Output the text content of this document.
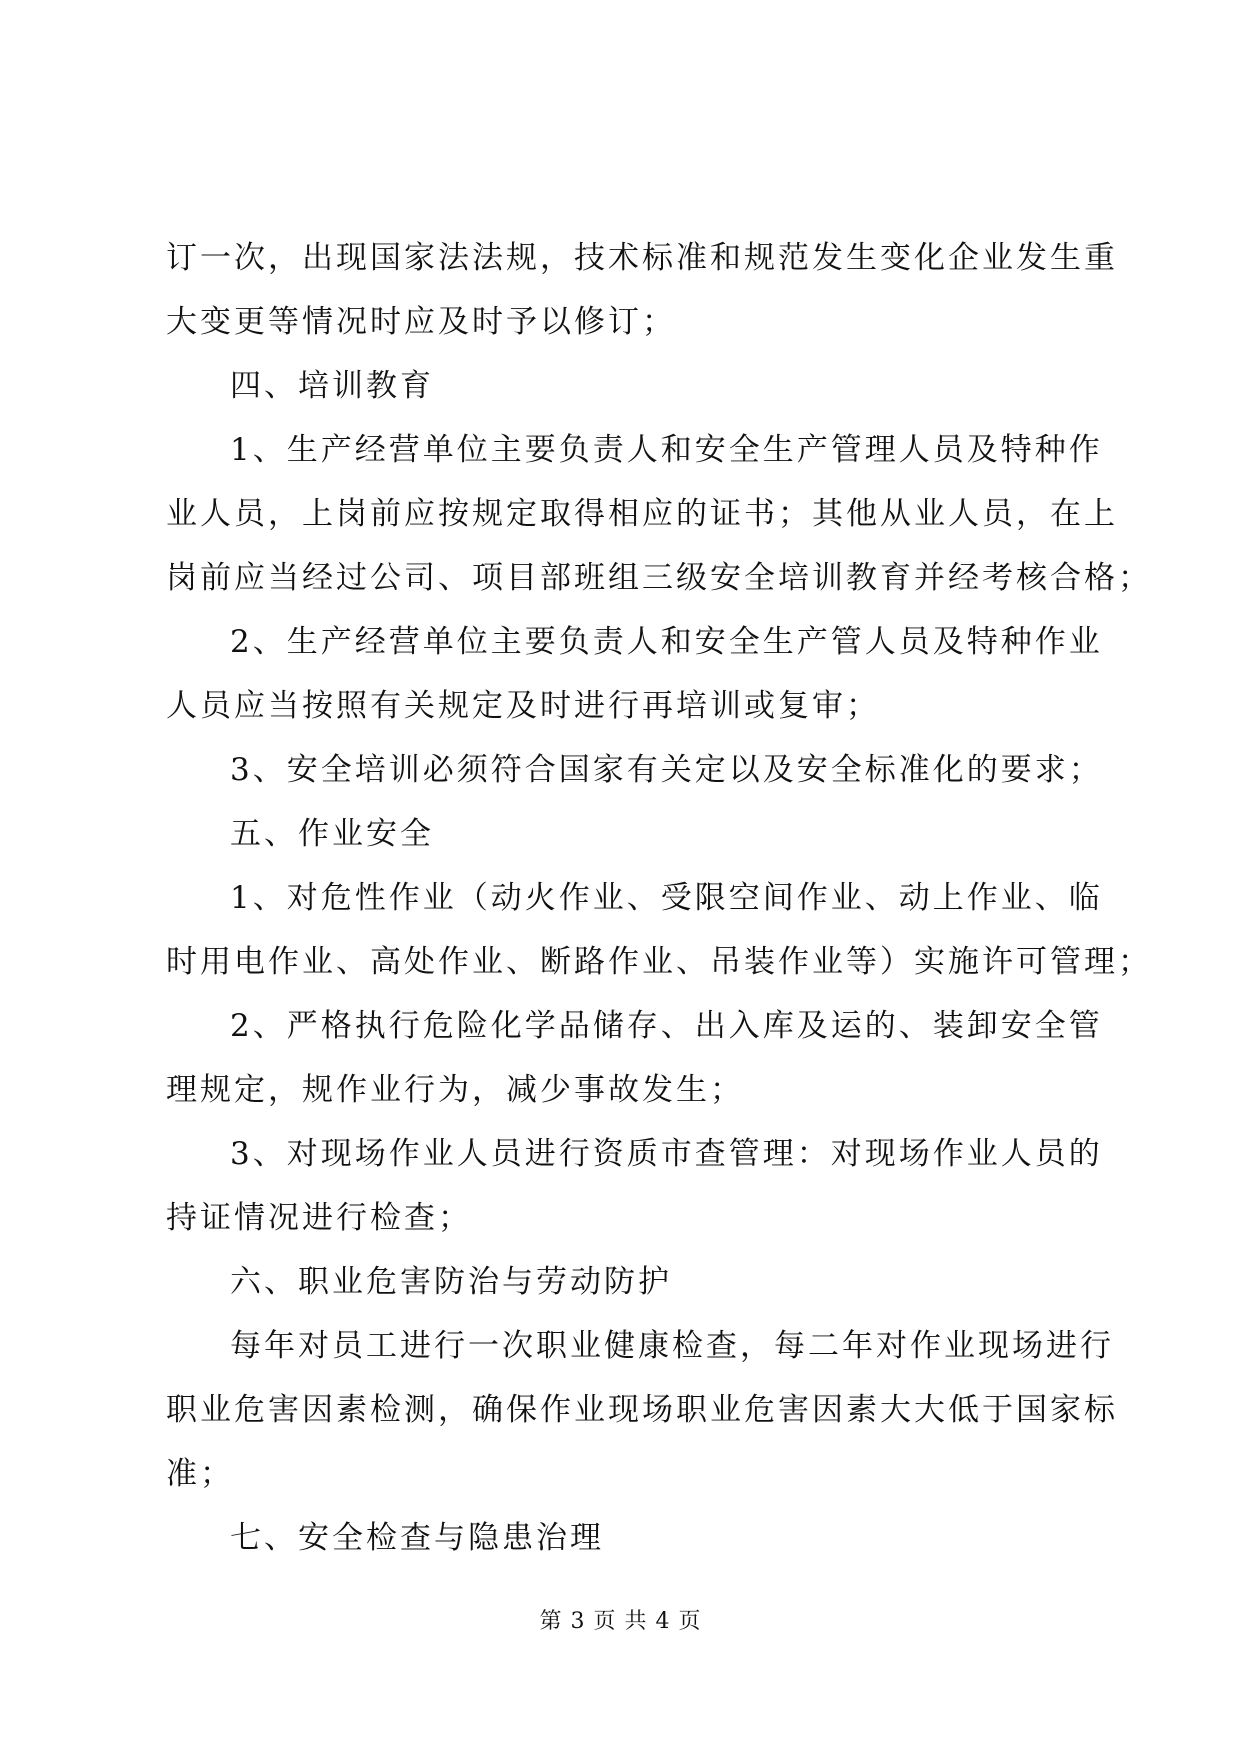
订一次，出现国家法法规，技术标准和规范发生变化企业发生重
大变更等情况时应及时予以修订；
四、培训教育
1、生产经营单位主要负责人和安全生产管理人员及特种作
业人员，上岗前应按规定取得相应的证书；其他从业人员，在上
岗前应当经过公司、项目部班组三级安全培训教育并经考核合格；
2、生产经营单位主要负责人和安全生产管人员及特种作业
人员应当按照有关规定及时进行再培训或复审；
3、安全培训必须符合国家有关定以及安全标准化的要求；
五、作业安全
1、对危性作业（动火作业、受限空间作业、动上作业、临
时用电作业、高处作业、断路作业、吊装作业等）实施许可管理；
2、严格执行危险化学品储存、出入库及运的、装卸安全管
理规定，规作业行为，减少事故发生；
3、对现场作业人员进行资质市查管理：对现场作业人员的
持证情况进行检查；
六、职业危害防治与劳动防护
每年对员工进行一次职业健康检查，每二年对作业现场进行
职业危害因素检测，确保作业现场职业危害因素大大低于国家标
准；
七、安全检查与隐患治理
第 3 页 共 4 页
